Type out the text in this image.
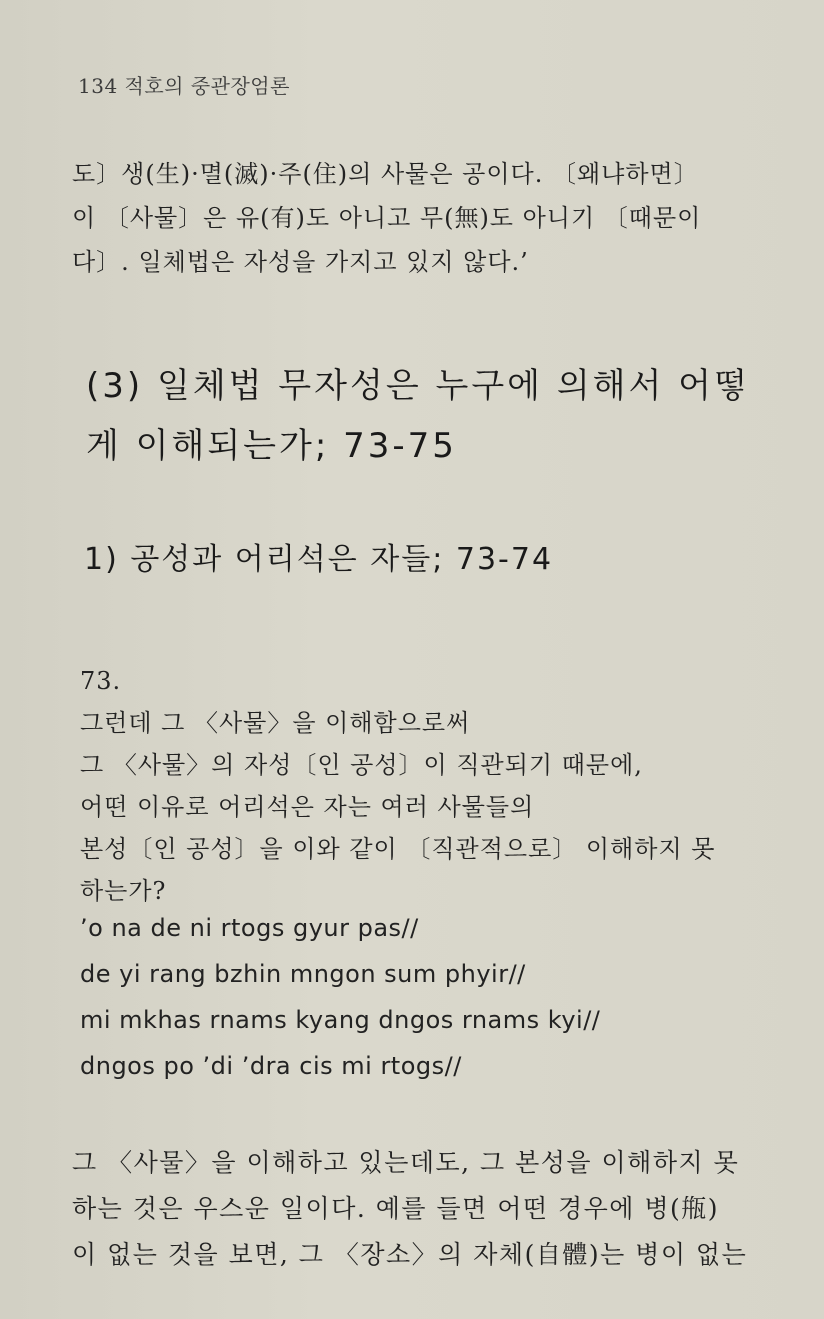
134 적호의 중관장엄론
도〕생(生)·멸(滅)·주(住)의 사물은 공이다. 〔왜냐하면〕
이 〔사물〕은 유(有)도 아니고 무(無)도 아니기 〔때문이
다〕. 일체법은 자성을 가지고 있지 않다.’
(3) 일체법 무자성은 누구에 의해서 어떻
게 이해되는가; 73-75
1) 공성과 어리석은 자들; 73-74
73.
그런데 그 〈사물〉을 이해함으로써
그 〈사물〉의 자성〔인 공성〕이 직관되기 때문에,
어떤 이유로 어리석은 자는 여러 사물들의
본성〔인 공성〕을 이와 같이 〔직관적으로〕 이해하지 못
하는가?
’o na de ni rtogs gyur pas//
de yi rang bzhin mngon sum phyir//
mi mkhas rnams kyang dngos rnams kyi//
dngos po ’di ’dra cis mi rtogs//
그 〈사물〉을 이해하고 있는데도, 그 본성을 이해하지 못
하는 것은 우스운 일이다. 예를 들면 어떤 경우에 병(甁)
이 없는 것을 보면, 그 〈장소〉의 자체(自體)는 병이 없는
